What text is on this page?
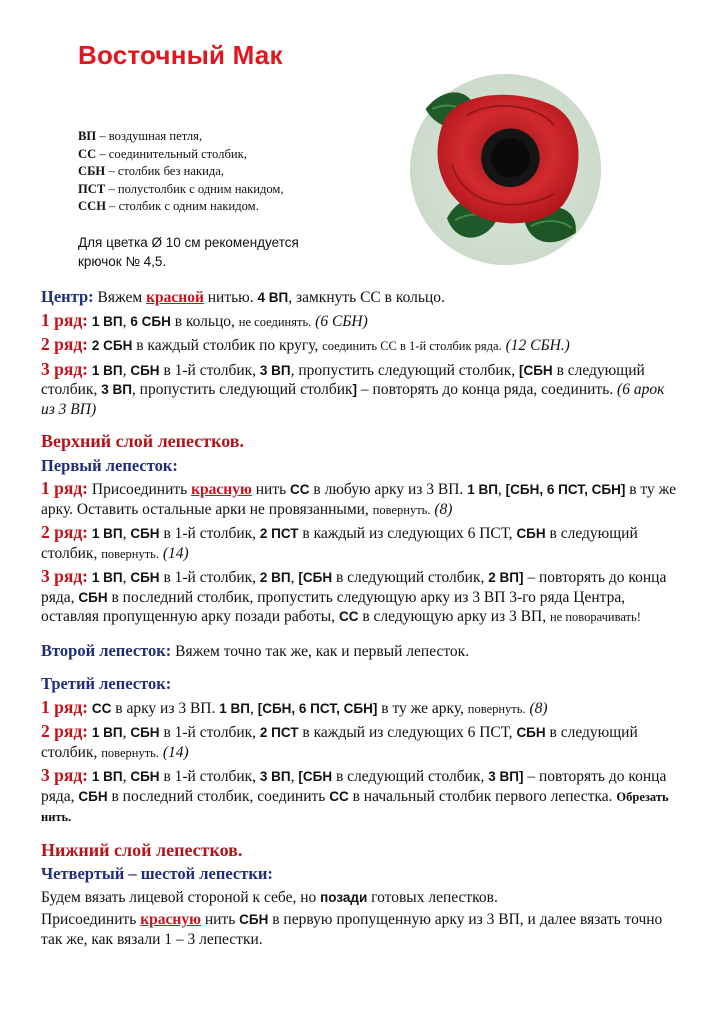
Восточный Мак
ВП – воздушная петля,
СС – соединительный столбик,
СБН – столбик без накида,
ПСТ – полустолбик с одним накидом,
ССН – столбик с одним накидом.
Для цветка Ø 10 см рекомендуется
крючок № 4,5.

Центр: Вяжем красной нитью. 4 ВП, замкнуть СС в кольцо.

1 ряд: 1 ВП, 6 СБН в кольцо, не соединять. (6 СБН)

2 ряд: 2 СБН в каждый столбик по кругу, соединить СС в 1-й столбик ряда. (12 СБН.)

3 ряд: 1 ВП, СБН в 1-й столбик, 3 ВП, пропустить следующий столбик, [СБН в следующий столбик, 3 ВП, пропустить следующий столбик] – повторять до конца ряда, соединить. (6 арок из 3 ВП)

Верхний слой лепестков.

Первый лепесток:

1 ряд: Присоединить красную нить СС в любую арку из 3 ВП. 1 ВП, [СБН, 6 ПСТ, СБН] в ту же арку. Оставить остальные арки не провязанными, повернуть. (8)

2 ряд: 1 ВП, СБН в 1-й столбик, 2 ПСТ в каждый из следующих 6 ПСТ, СБН в следующий столбик, повернуть. (14)

3 ряд: 1 ВП, СБН в 1-й столбик, 2 ВП, [СБН в следующий столбик, 2 ВП] – повторять до конца ряда, СБН в последний столбик, пропустить следующую арку из 3 ВП 3-го ряда Центра, оставляя пропущенную арку позади работы, СС в следующую арку из 3 ВП, не поворачивать!

Второй лепесток: Вяжем точно так же, как и первый лепесток.

Третий лепесток:

1 ряд: СС в арку из 3 ВП. 1 ВП, [СБН, 6 ПСТ, СБН] в ту же арку, повернуть. (8)

2 ряд: 1 ВП, СБН в 1-й столбик, 2 ПСТ в каждый из следующих 6 ПСТ, СБН в следующий столбик, повернуть. (14)

3 ряд: 1 ВП, СБН в 1-й столбик, 3 ВП, [СБН в следующий столбик, 3 ВП] – повторять до конца ряда, СБН в последний столбик, соединить СС в начальный столбик первого лепестка. Обрезать нить.

Нижний слой лепестков.

Четвертый – шестой лепестки:

Будем вязать лицевой стороной к себе, но позади готовых лепестков.

Присоединить красную нить СБН в первую пропущенную арку из 3 ВП, и далее вязать точно так же, как вязали 1 – 3 лепестки.
